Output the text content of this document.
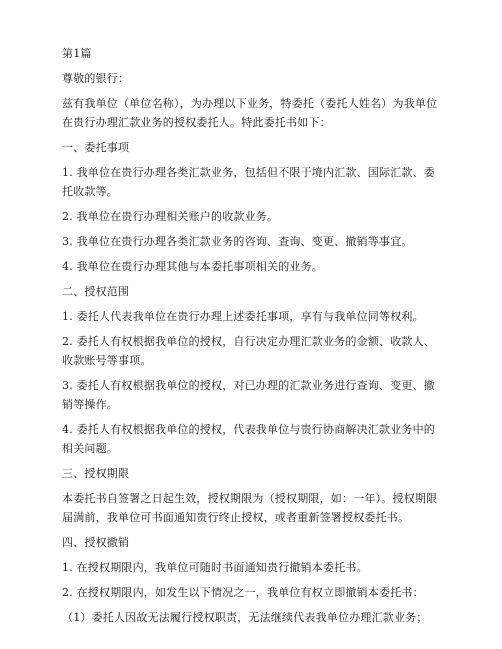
第1篇

尊敬的银行：

兹有我单位（单位名称），为办理以下业务，特委托（委托人姓名）为我单位在贵行办理汇款业务的授权委托人。特此委托书如下：

一、委托事项

1. 我单位在贵行办理各类汇款业务，包括但不限于境内汇款、国际汇款、委托收款等。

2. 我单位在贵行办理相关账户的收款业务。

3. 我单位在贵行办理各类汇款业务的咨询、查询、变更、撤销等事宜。

4. 我单位在贵行办理其他与本委托事项相关的业务。

二、授权范围

1. 委托人代表我单位在贵行办理上述委托事项，享有与我单位同等权利。

2. 委托人有权根据我单位的授权，自行决定办理汇款业务的金额、收款人、收款账号等事项。

3. 委托人有权根据我单位的授权，对已办理的汇款业务进行查询、变更、撤销等操作。

4. 委托人有权根据我单位的授权，代表我单位与贵行协商解决汇款业务中的相关问题。

三、授权期限

本委托书自签署之日起生效，授权期限为（授权期限，如：一年）。授权期限届满前，我单位可书面通知贵行终止授权，或者重新签署授权委托书。

四、授权撤销

1. 在授权期限内，我单位可随时书面通知贵行撤销本委托书。

2. 在授权期限内，如发生以下情况之一，我单位有权立即撤销本委托书：

（1）委托人因故无法履行授权职责，无法继续代表我单位办理汇款业务；
